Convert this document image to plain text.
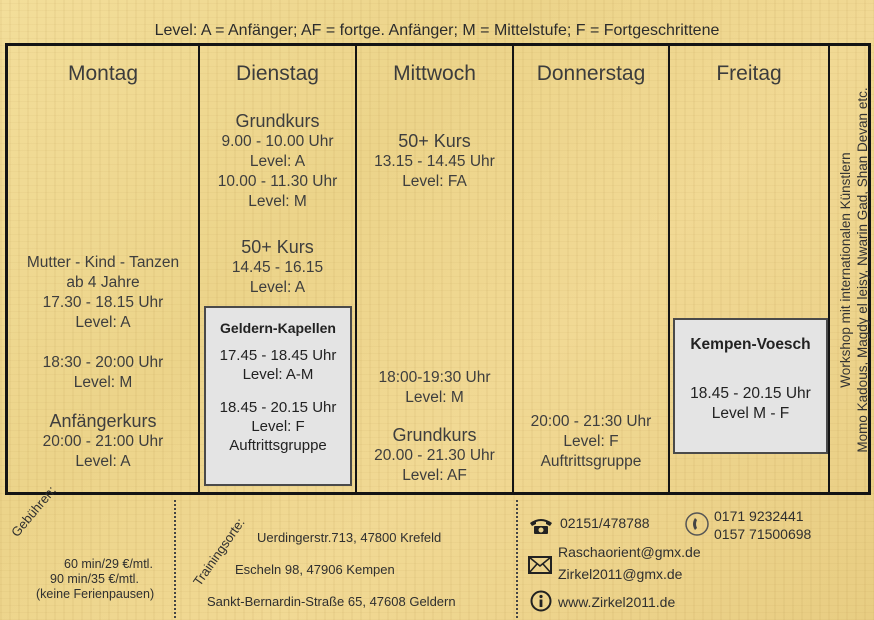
Level: A = Anfänger; AF = fortge. Anfänger; M = Mittelstufe; F = Fortgeschrittene
Montag
Mutter - Kind - Tanzen
ab 4 Jahre
17.30 - 18.15 Uhr
Level: A
18:30 - 20:00 Uhr
Level: M
Anfängerkurs
20:00 - 21:00 Uhr
Level: A
Dienstag
Grundkurs
9.00 - 10.00 Uhr
Level: A
10.00 - 11.30 Uhr
Level: M
50+ Kurs
14.45 - 16.15
Level: A
Geldern-Kapellen
17.45 - 18.45 Uhr
Level: A-M
18.45 - 20.15 Uhr
Level: F
Auftrittsgruppe
Mittwoch
50+ Kurs
13.15 - 14.45 Uhr
Level: FA
18:00-19:30 Uhr
Level: M
Grundkurs
20.00 - 21.30 Uhr
Level: AF
Donnerstag
20:00 - 21:30 Uhr
Level: F
Auftrittsgruppe
Freitag
Kempen-Voesch
18.45 - 20.15 Uhr
Level M - F
Workshop mit internationalen Künstlern Momo Kadous, Magdy el leisy, Nwarin Gad, Shan Devan etc.
Gebühren:
60 min/29 €/mtl.
90 min/35 €/mtl.
(keine Ferienpausen)
Trainingsorte: Uerdingerstr.713, 47800 Krefeld
Escheln 98, 47906 Kempen
Sankt-Bernardin-Straße 65, 47608 Geldern
02151/478788	0171 9232441
0157 71500698
Raschaorient@gmx.de
Zirkel2011@gmx.de
www.Zirkel2011.de
